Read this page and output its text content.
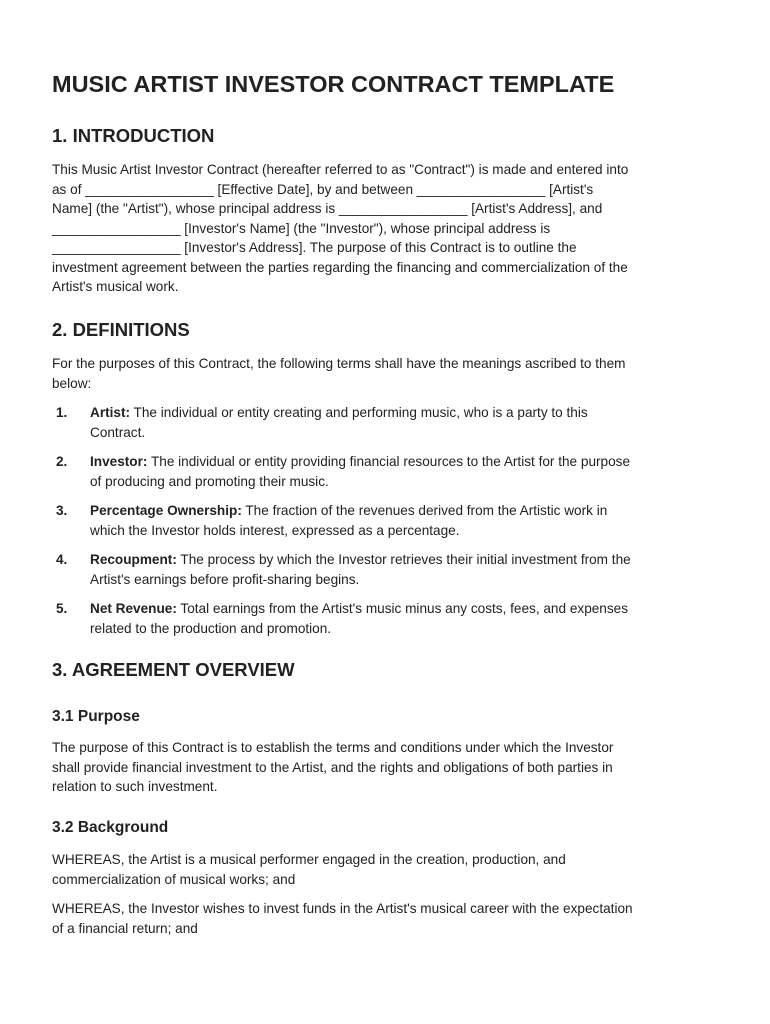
MUSIC ARTIST INVESTOR CONTRACT TEMPLATE
1. INTRODUCTION

This Music Artist Investor Contract (hereafter referred to as "Contract") is made and entered into
as of _________________ [Effective Date], by and between _________________ [Artist's
Name] (the "Artist"), whose principal address is _________________ [Artist's Address], and
_________________ [Investor's Name] (the "Investor"), whose principal address is
_________________ [Investor's Address]. The purpose of this Contract is to outline the
investment agreement between the parties regarding the financing and commercialization of the
Artist's musical work.

2. DEFINITIONS

For the purposes of this Contract, the following terms shall have the meanings ascribed to them
below:

1. Artist: The individual or entity creating and performing music, who is a party to this
Contract.
2. Investor: The individual or entity providing financial resources to the Artist for the purpose
of producing and promoting their music.
3. Percentage Ownership: The fraction of the revenues derived from the Artistic work in
which the Investor holds interest, expressed as a percentage.
4. Recoupment: The process by which the Investor retrieves their initial investment from the
Artist's earnings before profit-sharing begins.
5. Net Revenue: Total earnings from the Artist's music minus any costs, fees, and expenses
related to the production and promotion.
3. AGREEMENT OVERVIEW
3.1 Purpose

The purpose of this Contract is to establish the terms and conditions under which the Investor
shall provide financial investment to the Artist, and the rights and obligations of both parties in
relation to such investment.

3.2 Background

WHEREAS, the Artist is a musical performer engaged in the creation, production, and
commercialization of musical works; and

WHEREAS, the Investor wishes to invest funds in the Artist's musical career with the expectation
of a financial return; and
